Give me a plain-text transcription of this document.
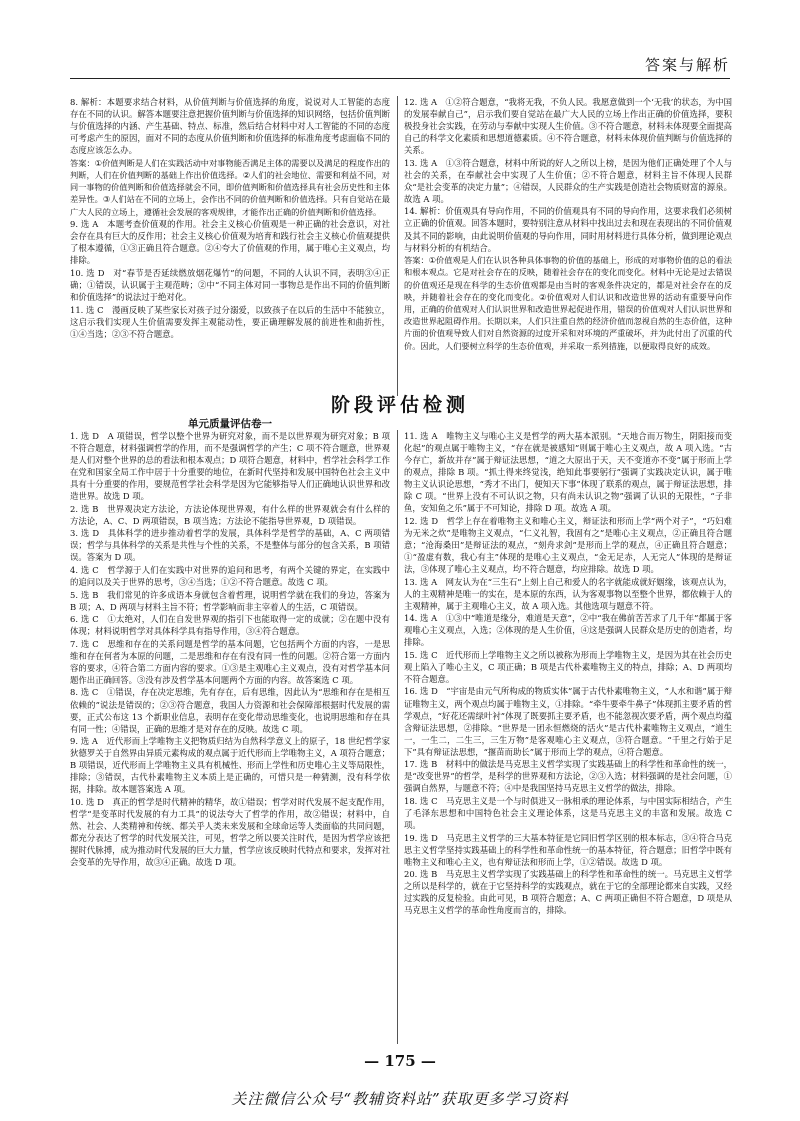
答案与解析

8. 解析：本题要求结合材料，从价值判断与价值选择的角度，说说对人工智能的态度存在不同的认识。解答本题要注意把握价值判断与价值选择的知识网络，包括价值判断与价值选择的内涵、产生基础、特点、标准，然后结合材料中对人工智能的不同的态度可考虑产生的原因，面对不同的态度从价值判断和价值选择的标准角度考虑面临不同的态度应该怎么办。

答案：①价值判断是人们在实践活动中对事物能否满足主体的需要以及满足的程度作出的判断，人们在价值判断的基础上作出价值选择。②人们的社会地位、需要和利益不同，对同一事物的价值判断和价值选择就会不同，即价值判断和价值选择具有社会历史性和主体差异性。③人们站在不同的立场上，会作出不同的价值判断和价值选择。只有自觉站在最广大人民的立场上，遵循社会发展的客观规律，才能作出正确的价值判断和价值选择。

9. 选 A　本题考查价值观的作用。社会主义核心价值观是一种正确的社会意识，对社会存在具有巨大的反作用；社会主义核心价值观为培育和践行社会主义核心价值观提供了根本遵循，①③正确且符合题意。②④夸大了价值观的作用，属于唯心主义观点，均排除。

10. 选 D　对“春节是否延续燃放烟花爆竹”的问题，不同的人认识不同，表明③④正确；①错误，认识属于主观范畴；②中“不同主体对同一事物总是作出不同的价值判断和价值选择”的说法过于绝对化。

11. 选 C　漫画反映了某些家长对孩子过分溺爱，以致孩子在以后的生活中不能独立，这启示我们实现人生价值需要发挥主观能动性，要正确理解发展的前进性和曲折性，①④当选；②③不符合题意。

12. 选 A　①②符合题意，“我将无我，不负人民。我愿意做到一个‘无我’的状态，为中国的发展奉献自己”，启示我们要自觉站在最广大人民的立场上作出正确的价值选择，要积极投身社会实践，在劳动与奉献中实现人生价值。③不符合题意，材料未体现要全面提高自己的科学文化素质和思想道德素质。④不符合题意，材料未体现价值判断与价值选择的关系。

13. 选 A　①③符合题意，材料中所说的好人之所以上榜，是因为他们正确处理了个人与社会的关系，在奉献社会中实现了人生价值；②不符合题意，材料主旨不体现人民群众“是社会变革的决定力量”；④错误，人民群众的生产实践是创造社会物质财富的源泉。故选 A 项。

14. 解析：价值观具有导向作用，不同的价值观具有不同的导向作用，这要求我们必须树立正确的价值观。回答本题时，要特别注意从材料中找出过去和现在表现出的不同价值观及其不同的影响，由此说明价值观的导向作用，同时用材料进行具体分析，做到理论观点与材料分析的有机结合。

答案：①价值观是人们在认识各种具体事物的价值的基础上，形成的对事物价值的总的看法和根本观点。它是对社会存在的反映，随着社会存在的变化而变化。材料中无论是过去错误的价值观还是现在科学的生态价值观都是由当时的客观条件决定的，都是对社会存在的反映，并随着社会存在的变化而变化。②价值观对人们认识和改造世界的活动有重要导向作用，正确的价值观对人们认识世界和改造世界起促进作用，错误的价值观对人们认识世界和改造世界起阻碍作用。长期以来，人们只注重自然的经济价值而忽视自然的生态价值，这种片面的价值观导致人们对自然资源的过度开采和对环境的严重破坏，并为此付出了沉重的代价。因此，人们要树立科学的生态价值观，并采取一系列措施，以便取得良好的成效。

阶段评估检测
单元质量评估卷一

1. 选 D　A 项错误，哲学以整个世界为研究对象，而不是以世界观为研究对象；B 项不符合题意，材料强调哲学的作用，而不是强调哲学的产生；C 项不符合题意，世界观是人们对整个世界的总的看法和根本观点；D 项符合题意，材料中，哲学社会科学工作在党和国家全局工作中居于十分重要的地位，在新时代坚持和发展中国特色社会主义中具有十分重要的作用，要规范哲学社会科学是因为它能够指导人们正确地认识世界和改造世界。故选 D 项。

2. 选 B　世界观决定方法论，方法论体现世界观，有什么样的世界观就会有什么样的方法论，A、C、D 两项错误，B 项当选；方法论不能指导世界观，D 项错误。

3. 选 D　具体科学的进步推动着哲学的发展，具体科学是哲学的基础，A、C 两项错误；哲学与具体科学的关系是共性与个性的关系，不是整体与部分的包含关系，B 项错误。答案为 D 项。

4. 选 C　哲学源于人们在实践中对世界的追问和思考，有两个关键的界定，在实践中的追问以及关于世界的思考，③④当选；①②不符合题意。故选 C 项。

5. 选 B　我们常见的许多成语本身就包含着哲理，说明哲学就在我们的身边，答案为 B 项；A、D 两项与材料主旨不符；哲学影响而非主宰着人的生活，C 项错误。

6. 选 C　①太绝对，人们在自发世界观的指引下也能取得一定的成就；②在题中没有体现；材料说明哲学对具体科学具有指导作用，③④符合题意。

7. 选 C　思维和存在的关系问题是哲学的基本问题，它包括两个方面的内容，一是思维和存在何者为本原的问题，二是思维和存在有没有同一性的问题。②符合第一方面内容的要求，④符合第二方面内容的要求。①③是主观唯心主义观点，没有对哲学基本问题作出正确回答。③没有涉及哲学基本问题两个方面的内容。故答案选 C 项。

8. 选 C　①错误，存在决定思维，先有存在，后有思维，因此认为“思维和存在是相互依赖的”说法是错误的；②③符合题意，我国人力资源和社会保障部根据时代发展的需要，正式公布这 13 个新职业信息，表明存在变化带动思维变化，也说明思维和存在具有同一性；④错误，正确的思维才是对存在的反映。故选 C 项。

9. 选 A　近代形而上学唯物主义把物质归结为自然科学意义上的原子，18 世纪哲学家狄德罗关于自然界由异质元素构成的观点属于近代形而上学唯物主义，A 项符合题意；B 项错误，近代形而上学唯物主义具有机械性、形而上学性和历史唯心主义等局限性，排除；③错误，古代朴素唯物主义本质上是正确的，可惜只是一种猜测，没有科学依据，排除。故本题答案选 A 项。

10. 选 D　真正的哲学是时代精神的精华，故①错误；哲学对时代发展不起支配作用，哲学“是变革时代发展的有力工具”的说法夸大了哲学的作用，故②错误；材料中，自然、社会、人类精神和传统、都关乎人类未来发展和全球命运等人类面临的共同问题，都充分表达了哲学的时代发展关注，可见，哲学之所以要关注时代，是因为哲学应该把握时代脉搏，成为推动时代发展的巨大力量，哲学应该反映时代特点和要求，发挥对社会变革的先导作用，故③④正确。故选 D 项。

11. 选 A　唯物主义与唯心主义是哲学的两大基本派别。“天地合而万物生，阴阳接而变化起”的观点属于唯物主义，“存在就是被感知”则属于唯心主义观点，故 A 项入选。“古今存亡，新故并存”属于辩证法思想，“道之大原出于天，天不变道亦不变”属于形而上学的观点，排除 B 项。“抓土得来终觉浅，绝知此事要躬行”强调了实践决定认识，属于唯物主义认识论思想，“秀才不出门，便知天下事”体现了联系的观点，属于辩证法思想，排除 C 项。“世界上没有不可认识之物，只有尚未认识之物”强调了认识的无限性，“子非鱼，安知鱼之乐”属于不可知论，排除 D 项。故选 A 项。

12. 选 D　哲学上存在着唯物主义和唯心主义，辩证法和形而上学“两个对子”，“巧妇难为无米之炊”是唯物主义观点，“仁义礼智，我固有之”是唯心主义观点，②正确且符合题意；“沧海桑田”是辩证法的观点，“刻舟求剑”是形而上学的观点，④正确且符合题意；①“盈虚有数，我心有主”体现的是唯心主义观点，“金无足赤，人无完人”体现的是辩证法，③体现了唯心主义观点，均不符合题意，均应排除。故选 D 项。

13. 选 A　网友认为在“三生石”上刻上自己和爱人的名字就能成就好姻缘，该观点认为，人的主观精神是唯一的实在，是本原的东西，认为客观事物以至整个世界，都依赖于人的主观精神，属于主观唯心主义，故 A 项入选。其他选项与题意不符。

14. 选 A　①③中“唯道是缘分，难道是天意”，②中“我在佛前苦苦求了几千年”都属于客观唯心主义观点，入选；②体现的是人生价值，④这是强调人民群众是历史的创造者，均排除。

15. 选 C　近代形而上学唯物主义之所以被称为形而上学唯物主义，是因为其在社会历史观上陷入了唯心主义，C 项正确；B 项是古代朴素唯物主义的特点，排除；A、D 两项均不符合题意。

16. 选 D　“宇宙是由元气所构成的物质实体”属于古代朴素唯物主义，“人水和谐”属于辩证唯物主义，两个观点均属于唯物主义，①排除。“牵牛要牵牛鼻子”体现抓主要矛盾的哲学观点，“好花还需绿叶衬”体现了既要抓主要矛盾，也不能忽视次要矛盾，两个观点均蕴含辩证法思想，②排除。“世界是一团永恒燃烧的活火”是古代朴素唯物主义观点，“道生一，一生二，二生三，三生万物”是客观唯心主义观点，③符合题意。“千里之行始于足下”具有辩证法思想，“揠苗而助长”属于形而上学的观点，④符合题意。

17. 选 B　材料中的做法是马克思主义哲学实现了实践基础上的科学性和革命性的统一，是“改变世界”的哲学，是科学的世界观和方法论，②③入选；材料强调的是社会问题，①强调自然界，与题意不符；④中是我国坚持马克思主义哲学的做法，排除。

18. 选 C　马克思主义是一个与时俱进又一脉相承的理论体系，与中国实际相结合，产生了毛泽东思想和中国特色社会主义理论体系，这是马克思主义的丰富和发展。故选 C 项。

19. 选 D　马克思主义哲学的三大基本特征是它同旧哲学区别的根本标志，③④符合马克思主义哲学坚持实践基础上的科学性和革命性统一的基本特征，符合题意；旧哲学中既有唯物主义和唯心主义，也有辩证法和形而上学，①②错误。故选 D 项。

20. 选 B　马克思主义哲学实现了实践基础上的科学性和革命性的统一。马克思主义哲学之所以是科学的，就在于它坚持科学的实践观点，就在于它的全部理论都来自实践，又经过实践的反复检验。由此可见，B 项符合题意；A、C 两项正确但不符合题意，D 项是从马克思主义哲学的革命性角度而言的，排除。

— 175 —
关注微信公众号“教辅资料站”获取更多学习资料
